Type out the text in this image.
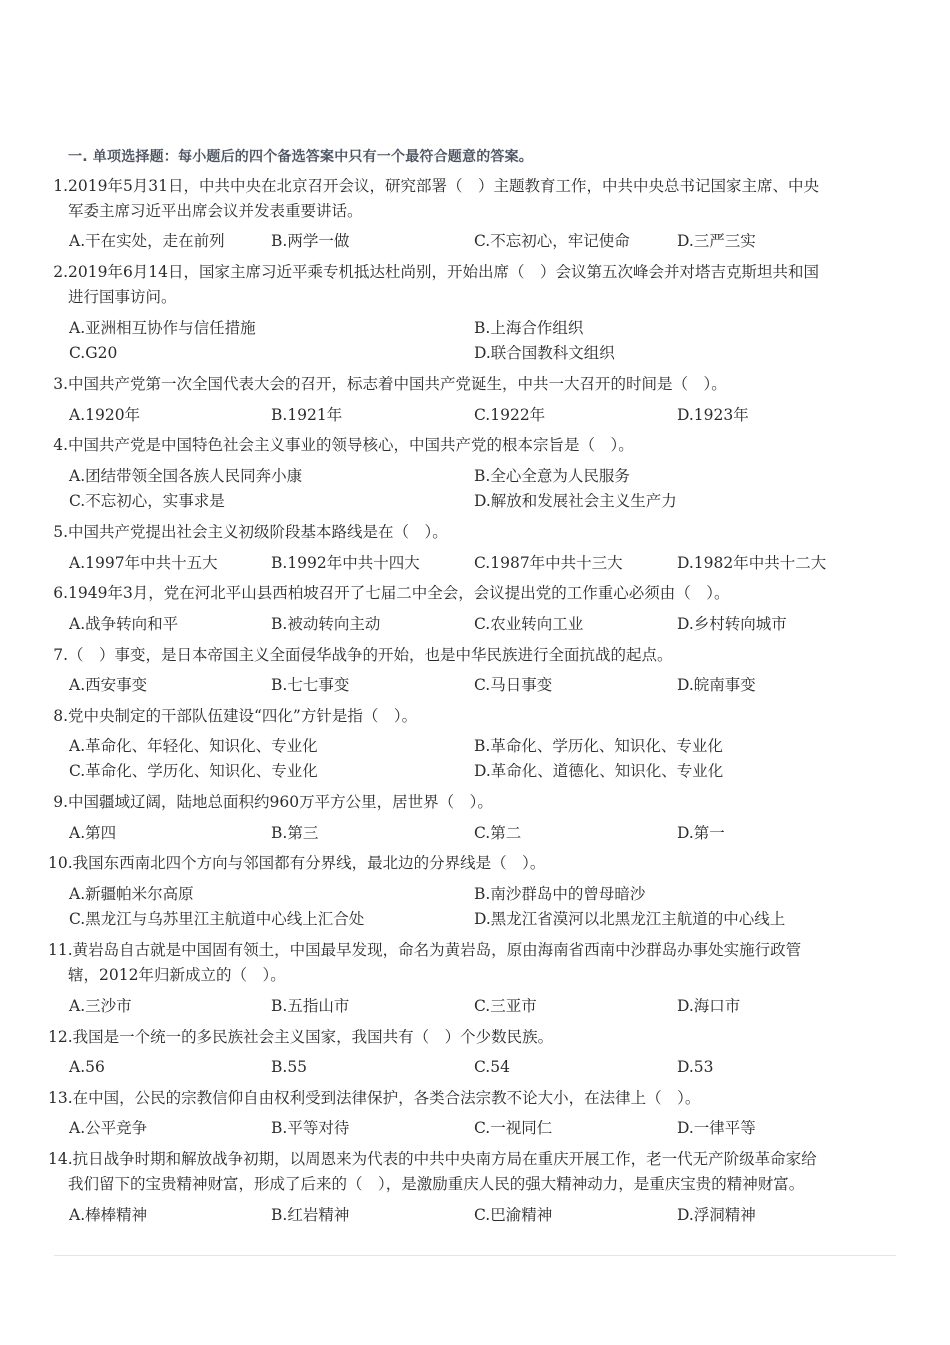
一. 单项选择题：每小题后的四个备选答案中只有一个最符合题意的答案。
1.2019年5月31日，中共中央在北京召开会议，研究部署（　）主题教育工作，中共中央总书记国家主席、中央
军委主席习近平出席会议并发表重要讲话。
A.干在实处，走在前列	B.两学一做	C.不忘初心，牢记使命	D.三严三实
2.2019年6月14日，国家主席习近平乘专机抵达杜尚别，开始出席（　）会议第五次峰会并对塔吉克斯坦共和国
进行国事访问。
A.亚洲相互协作与信任措施	B.上海合作组织
C.G20	D.联合国教科文组织
3.中国共产党第一次全国代表大会的召开，标志着中国共产党诞生，中共一大召开的时间是（　）。
A.1920年	B.1921年	C.1922年	D.1923年
4.中国共产党是中国特色社会主义事业的领导核心，中国共产党的根本宗旨是（　）。
A.团结带领全国各族人民同奔小康	B.全心全意为人民服务
C.不忘初心，实事求是	D.解放和发展社会主义生产力
5.中国共产党提出社会主义初级阶段基本路线是在（　）。
A.1997年中共十五大	B.1992年中共十四大	C.1987年中共十三大	D.1982年中共十二大
6.1949年3月，党在河北平山县西柏坡召开了七届二中全会，会议提出党的工作重心必须由（　）。
A.战争转向和平	B.被动转向主动	C.农业转向工业	D.乡村转向城市
7.（　）事变，是日本帝国主义全面侵华战争的开始，也是中华民族进行全面抗战的起点。
A.西安事变	B.七七事变	C.马日事变	D.皖南事变
8.党中央制定的干部队伍建设“四化”方针是指（　）。
A.革命化、年轻化、知识化、专业化	B.革命化、学历化、知识化、专业化
C.革命化、学历化、知识化、专业化	D.革命化、道德化、知识化、专业化
9.中国疆域辽阔，陆地总面积约960万平方公里，居世界（　）。
A.第四	B.第三	C.第二	D.第一
10.我国东西南北四个方向与邻国都有分界线，最北边的分界线是（　）。
A.新疆帕米尔高原	B.南沙群岛中的曾母暗沙
C.黑龙江与乌苏里江主航道中心线上汇合处	D.黑龙江省漠河以北黑龙江主航道的中心线上
11.黄岩岛自古就是中国固有领土，中国最早发现，命名为黄岩岛，原由海南省西南中沙群岛办事处实施行政管
辖，2012年归新成立的（　）。
A.三沙市	B.五指山市	C.三亚市	D.海口市
12.我国是一个统一的多民族社会主义国家，我国共有（　）个少数民族。
A.56	B.55	C.54	D.53
13.在中国，公民的宗教信仰自由权利受到法律保护，各类合法宗教不论大小，在法律上（　）。
A.公平竞争	B.平等对待	C.一视同仁	D.一律平等
14.抗日战争时期和解放战争初期，以周恩来为代表的中共中央南方局在重庆开展工作，老一代无产阶级革命家给
我们留下的宝贵精神财富，形成了后来的（　），是激励重庆人民的强大精神动力，是重庆宝贵的精神财富。
A.棒棒精神	B.红岩精神	C.巴渝精神	D.浮洞精神
